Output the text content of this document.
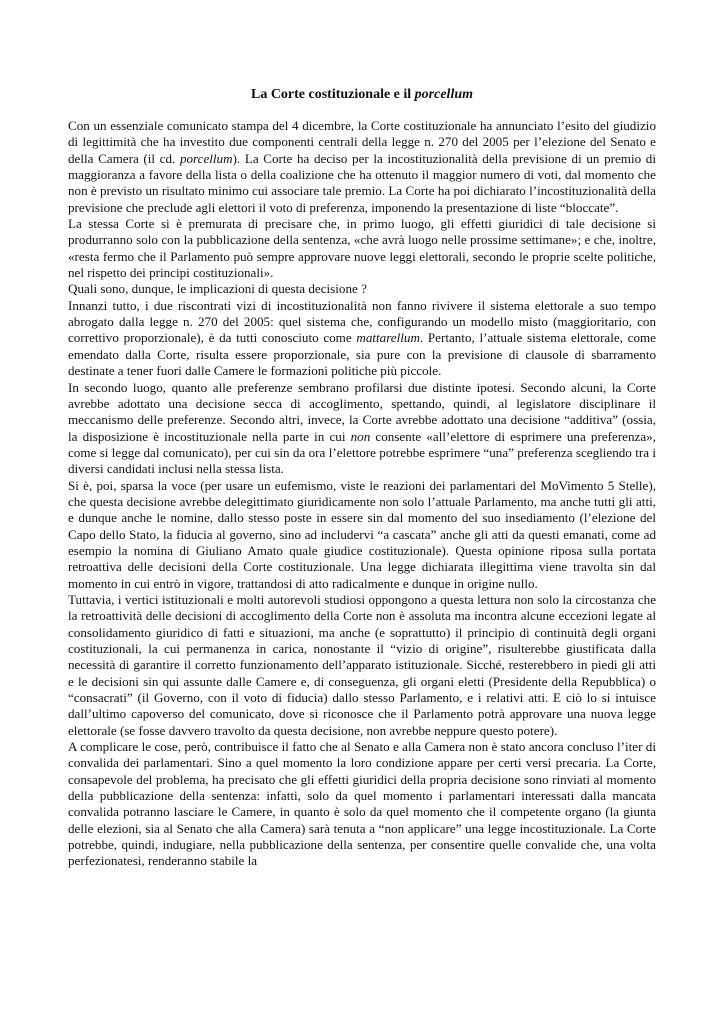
La Corte costituzionale e il porcellum

Con un essenziale comunicato stampa del 4 dicembre, la Corte costituzionale ha annunciato l’esito del giudizio di legittimità che ha investito due componenti centrali della legge n. 270 del 2005 per l’elezione del Senato e della Camera (il cd. porcellum). La Corte ha deciso per la incostituzionalità della previsione di un premio di maggioranza a favore della lista o della coalizione che ha ottenuto il maggior numero di voti, dal momento che non è previsto un risultato minimo cui associare tale premio. La Corte ha poi dichiarato l’incostituzionalità della previsione che preclude agli elettori il voto di preferenza, imponendo la presentazione di liste “bloccate”.

La stessa Corte si è premurata di precisare che, in primo luogo, gli effetti giuridici di tale decisione si produrranno solo con la pubblicazione della sentenza, «che avrà luogo nelle prossime settimane»; e che, inoltre, «resta fermo che il Parlamento può sempre approvare nuove leggi elettorali, secondo le proprie scelte politiche, nel rispetto dei principi costituzionali».

Quali sono, dunque, le implicazioni di questa decisione ?

Innanzi tutto, i due riscontrati vizi di incostituzionalità non fanno rivivere il sistema elettorale a suo tempo abrogato dalla legge n. 270 del 2005: quel sistema che, configurando un modello misto (maggioritario, con correttivo proporzionale), è da tutti conosciuto come mattarellum. Pertanto, l’attuale sistema elettorale, come emendato dalla Corte, risulta essere proporzionale, sia pure con la previsione di clausole di sbarramento destinate a tener fuori dalle Camere le formazioni politiche più piccole.

In secondo luogo, quanto alle preferenze sembrano profilarsi due distinte ipotesi. Secondo alcuni, la Corte avrebbe adottato una decisione secca di accoglimento, spettando, quindi, al legislatore disciplinare il meccanismo delle preferenze. Secondo altri, invece, la Corte avrebbe adottato una decisione “additiva” (ossia, la disposizione è incostituzionale nella parte in cui non consente «all’elettore di esprimere una preferenza», come si legge dal comunicato), per cui sin da ora l’elettore potrebbe esprimere “una” preferenza scegliendo tra i diversi candidati inclusi nella stessa lista.

Si è, poi, sparsa la voce (per usare un eufemismo, viste le reazioni dei parlamentari del MoVimento 5 Stelle), che questa decisione avrebbe delegittimato giuridicamente non solo l’attuale Parlamento, ma anche tutti gli atti, e dunque anche le nomine, dallo stesso poste in essere sin dal momento del suo insediamento (l’elezione del Capo dello Stato, la fiducia al governo, sino ad includervi “a cascata” anche gli atti da questi emanati, come ad esempio la nomina di Giuliano Amato quale giudice costituzionale). Questa opinione riposa sulla portata retroattiva delle decisioni della Corte costituzionale. Una legge dichiarata illegittima viene travolta sin dal momento in cui entrò in vigore, trattandosi di atto radicalmente e dunque in origine nullo.

Tuttavia, i vertici istituzionali e molti autorevoli studiosi oppongono a questa lettura non solo la circostanza che la retroattività delle decisioni di accoglimento della Corte non è assoluta ma incontra alcune eccezioni legate al consolidamento giuridico di fatti e situazioni, ma anche (e soprattutto) il principio di continuità degli organi costituzionali, la cui permanenza in carica, nonostante il “vizio di origine”, risulterebbe giustificata dalla necessità di garantire il corretto funzionamento dell’apparato istituzionale. Sicché, resterebbero in piedi gli atti e le decisioni sin qui assunte dalle Camere e, di conseguenza, gli organi eletti (Presidente della Repubblica) o “consacrati” (il Governo, con il voto di fiducia) dallo stesso Parlamento, e i relativi atti. E ciò lo si intuisce dall’ultimo capoverso del comunicato, dove si riconosce che il Parlamento potrà approvare una nuova legge elettorale (se fosse davvero travolto da questa decisione, non avrebbe neppure questo potere).

A complicare le cose, però, contribuisce il fatto che al Senato e alla Camera non è stato ancora concluso l’iter di convalida dei parlamentari. Sino a quel momento la loro condizione appare per certi versi precaria. La Corte, consapevole del problema, ha precisato che gli effetti giuridici della propria decisione sono rinviati al momento della pubblicazione della sentenza: infatti, solo da quel momento i parlamentari interessati dalla mancata convalida potranno lasciare le Camere, in quanto è solo da quel momento che il competente organo (la giunta delle elezioni, sia al Senato che alla Camera) sarà tenuta a “non applicare” una legge incostituzionale. La Corte potrebbe, quindi, indugiare, nella pubblicazione della sentenza, per consentire quelle convalide che, una volta perfezionatesi, renderanno stabile la
